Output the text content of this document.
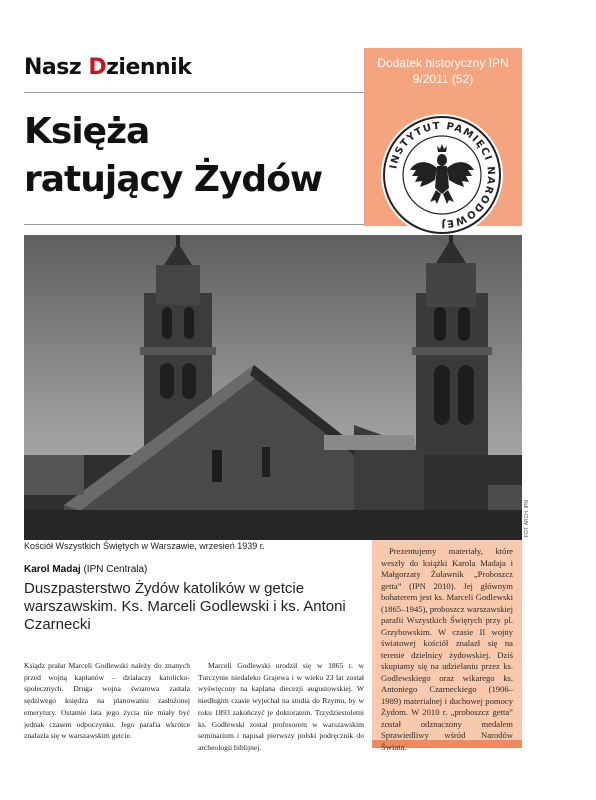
Nasz Dziennik
Księża
ratujący Żydów
Dodatek historyczny IPN
9/2011 (52)
INSTYTUT PAMIĘCI NARODOWEJ
FOT. ARCH. IPN
Kościół Wszystkich Świętych w Warszawie, wrzesień 1939 r.
Karol Madaj (IPN Centrala)
Duszpasterstwo Żydów katolików w getcie warszawskim. Ks. Marceli Godlewski i ks. Antoni Czarnecki

Ksiądz prałat Marceli Godlewski należy do znanych przed wojną kapłanów – działaczy katolicko-społecznych. Druga wojna światowa zastała sędziwego księdza na planowaniu zasłużonej emerytury. Ostatnie lata jego życia nie miały być jednak czasem odpoczynku. Jego parafia wkrótce znalazła się w warszawskim getcie.

Marceli Godlewski urodził się w 1865 r. w Turczynie niedaleko Grajewa i w wieku 23 lat został wyświęcony na kapłana diecezji augustowskiej. W niedługim czasie wyjechał na studia do Rzymu, by w roku 1893 zakończyć je doktoratem. Trzydziestoletni ks. Godlewski został profesorem w warszawskim seminarium i napisał pierwszy polski podręcznik do archeologii biblijnej.

Prezentujemy materiały, które weszły do książki Karola Madaja i Małgorzaty Żuławnik „Proboszcz getta” (IPN 2010). Jej głównym bohaterem jest ks. Marceli Godlewski (1865–1945), proboszcz warszawskiej parafii Wszystkich Świętych przy pl. Grzybowskim. W czasie II wojny światowej kościół znalazł się na terenie dzielnicy żydowskiej. Dziś skupiamy się na udzielaniu przez ks. Godlewskiego oraz wikarego ks. Antoniego Czarneckiego (1906–1989) materialnej i duchowej pomocy Żydom. W 2010 r. „proboszcz getta” został odznaczony medalem Sprawiedliwy wśród Narodów Świata.
